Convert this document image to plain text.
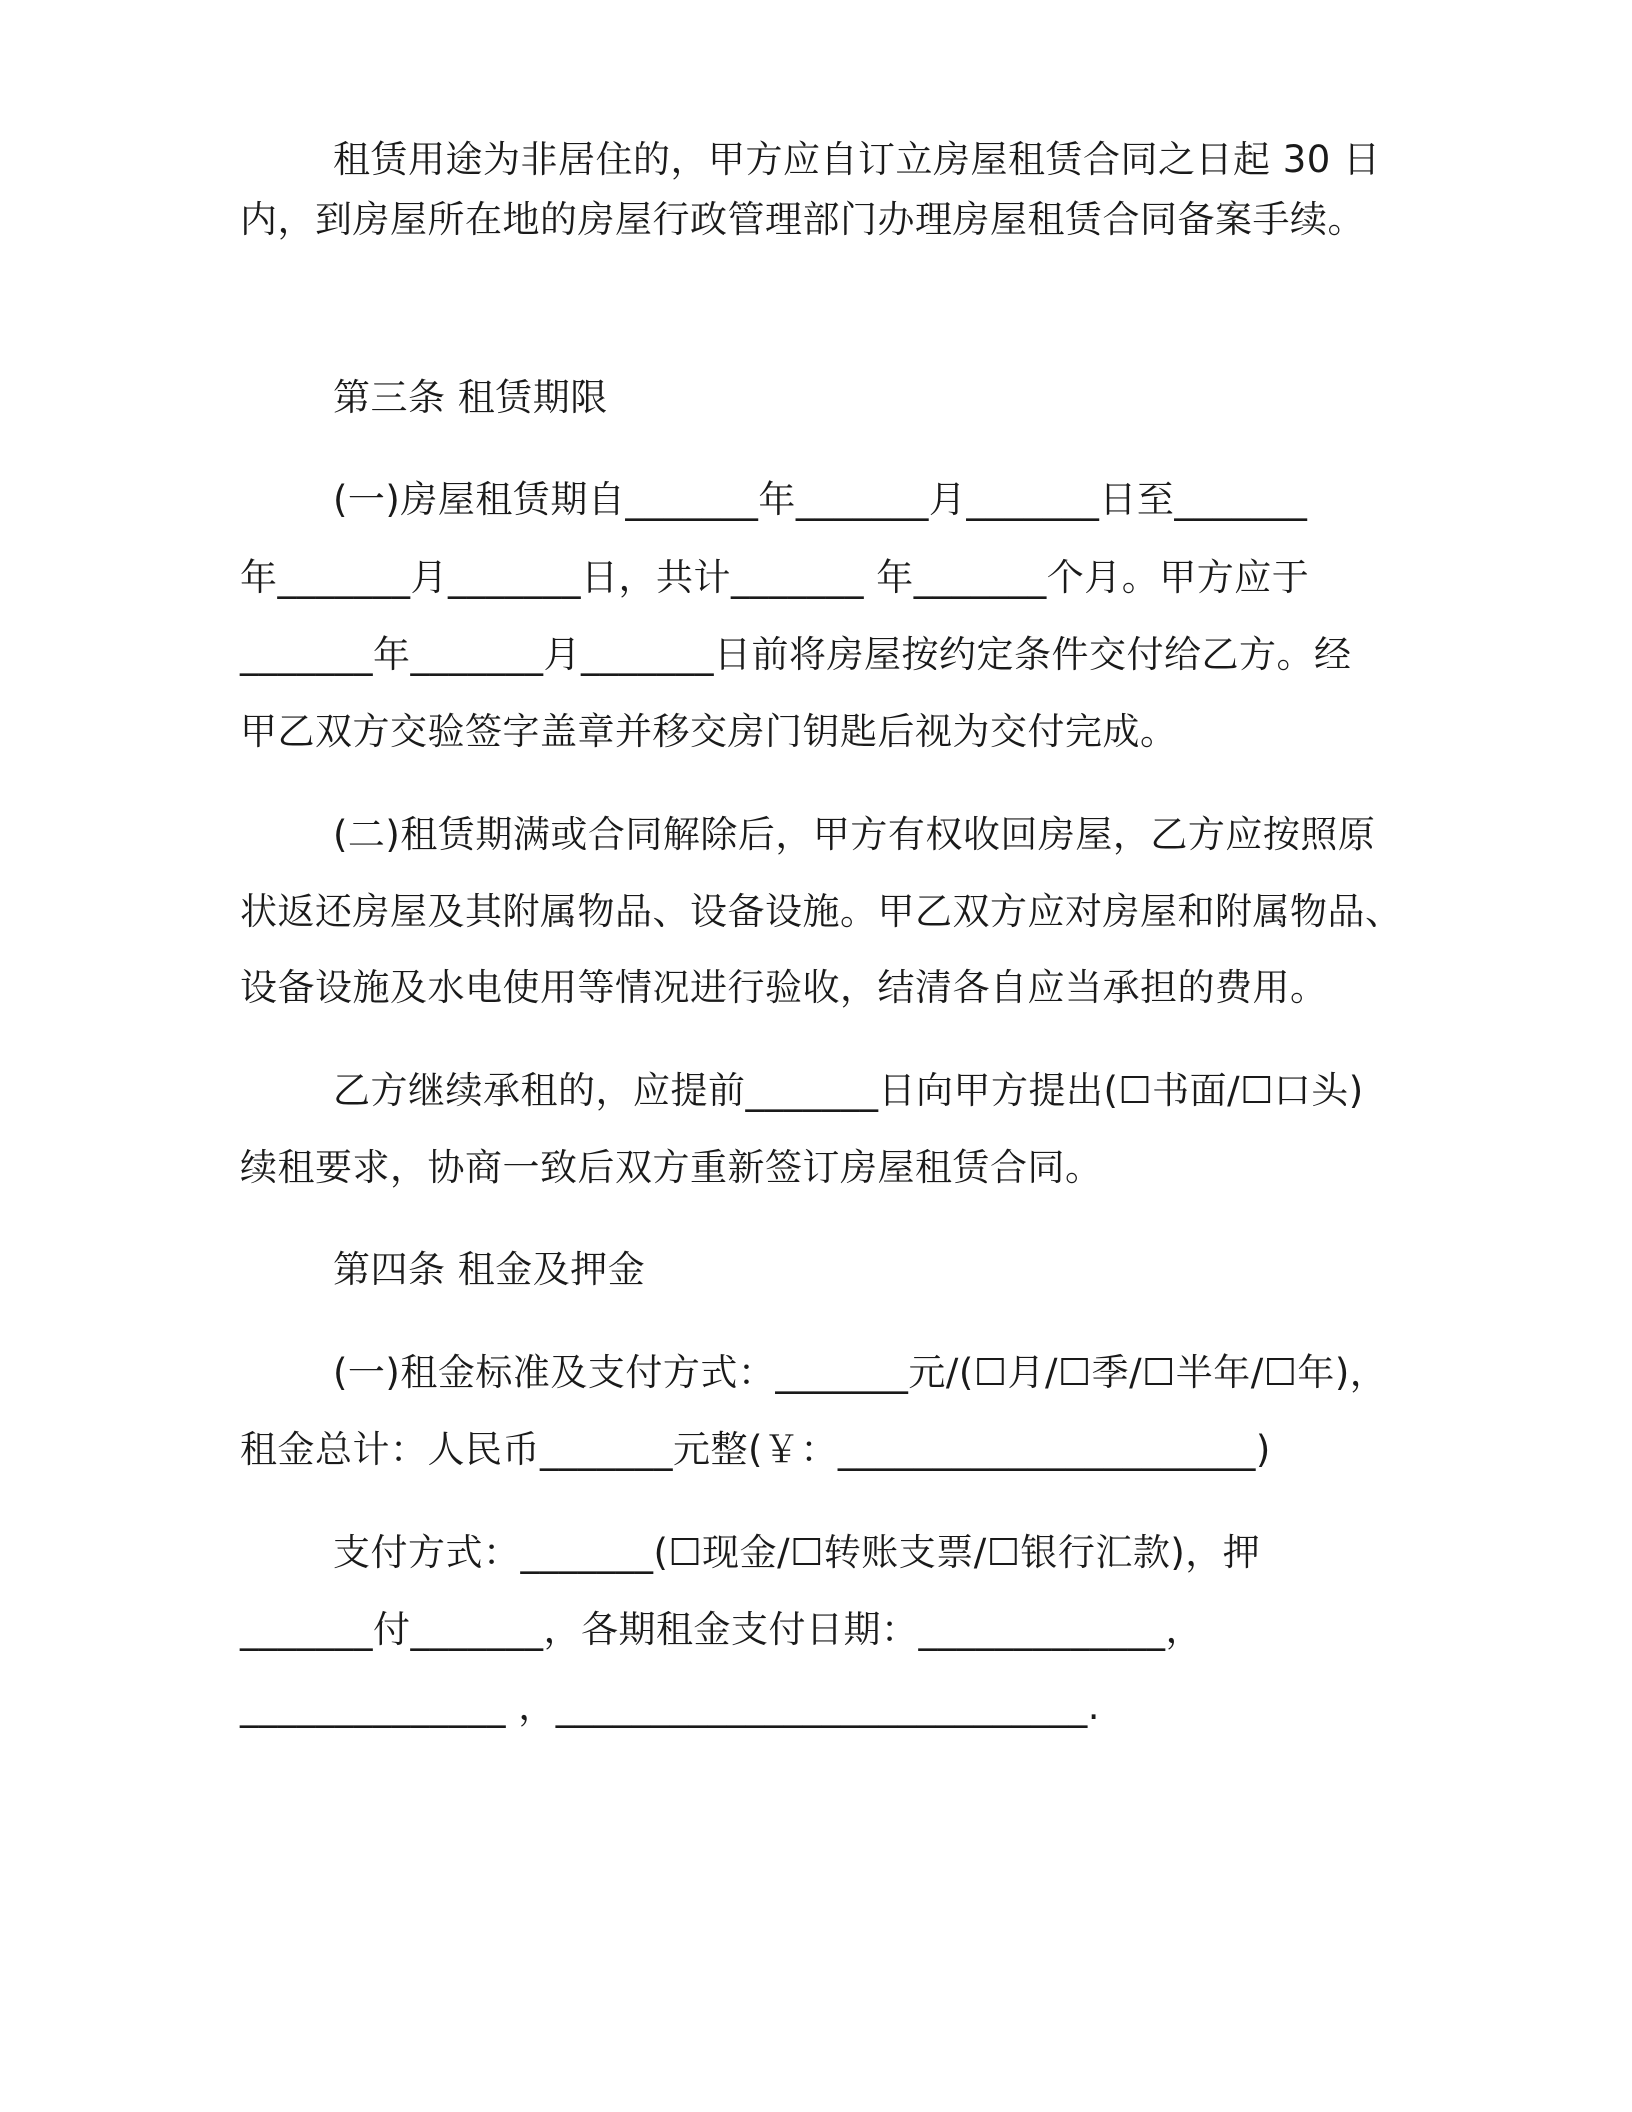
租赁用途为非居住的，甲方应自订立房屋租赁合同之日起 30 日
内，到房屋所在地的房屋行政管理部门办理房屋租赁合同备案手续。
第三条 租赁期限
(一)房屋租赁期自_______年_______月_______日至_______
年_______月_______日，共计_______ 年_______个月。甲方应于
_______年_______月_______日前将房屋按约定条件交付给乙方。经
甲乙双方交验签字盖章并移交房门钥匙后视为交付完成。
(二)租赁期满或合同解除后，甲方有权收回房屋，乙方应按照原
状返还房屋及其附属物品、设备设施。甲乙双方应对房屋和附属物品、
设备设施及水电使用等情况进行验收，结清各自应当承担的费用。
乙方继续承租的，应提前_______日向甲方提出(☐书面/☐口头)
续租要求，协商一致后双方重新签订房屋租赁合同。
第四条 租金及押金
(一)租金标准及支付方式：_______元/(☐月/☐季/☐半年/☐年)，
租金总计：人民币_______元整(￥：______________________)
支付方式：_______(☐现金/☐转账支票/☐银行汇款)，押
_______付_______，各期租金支付日期：_____________，
______________ ，____________________________.
